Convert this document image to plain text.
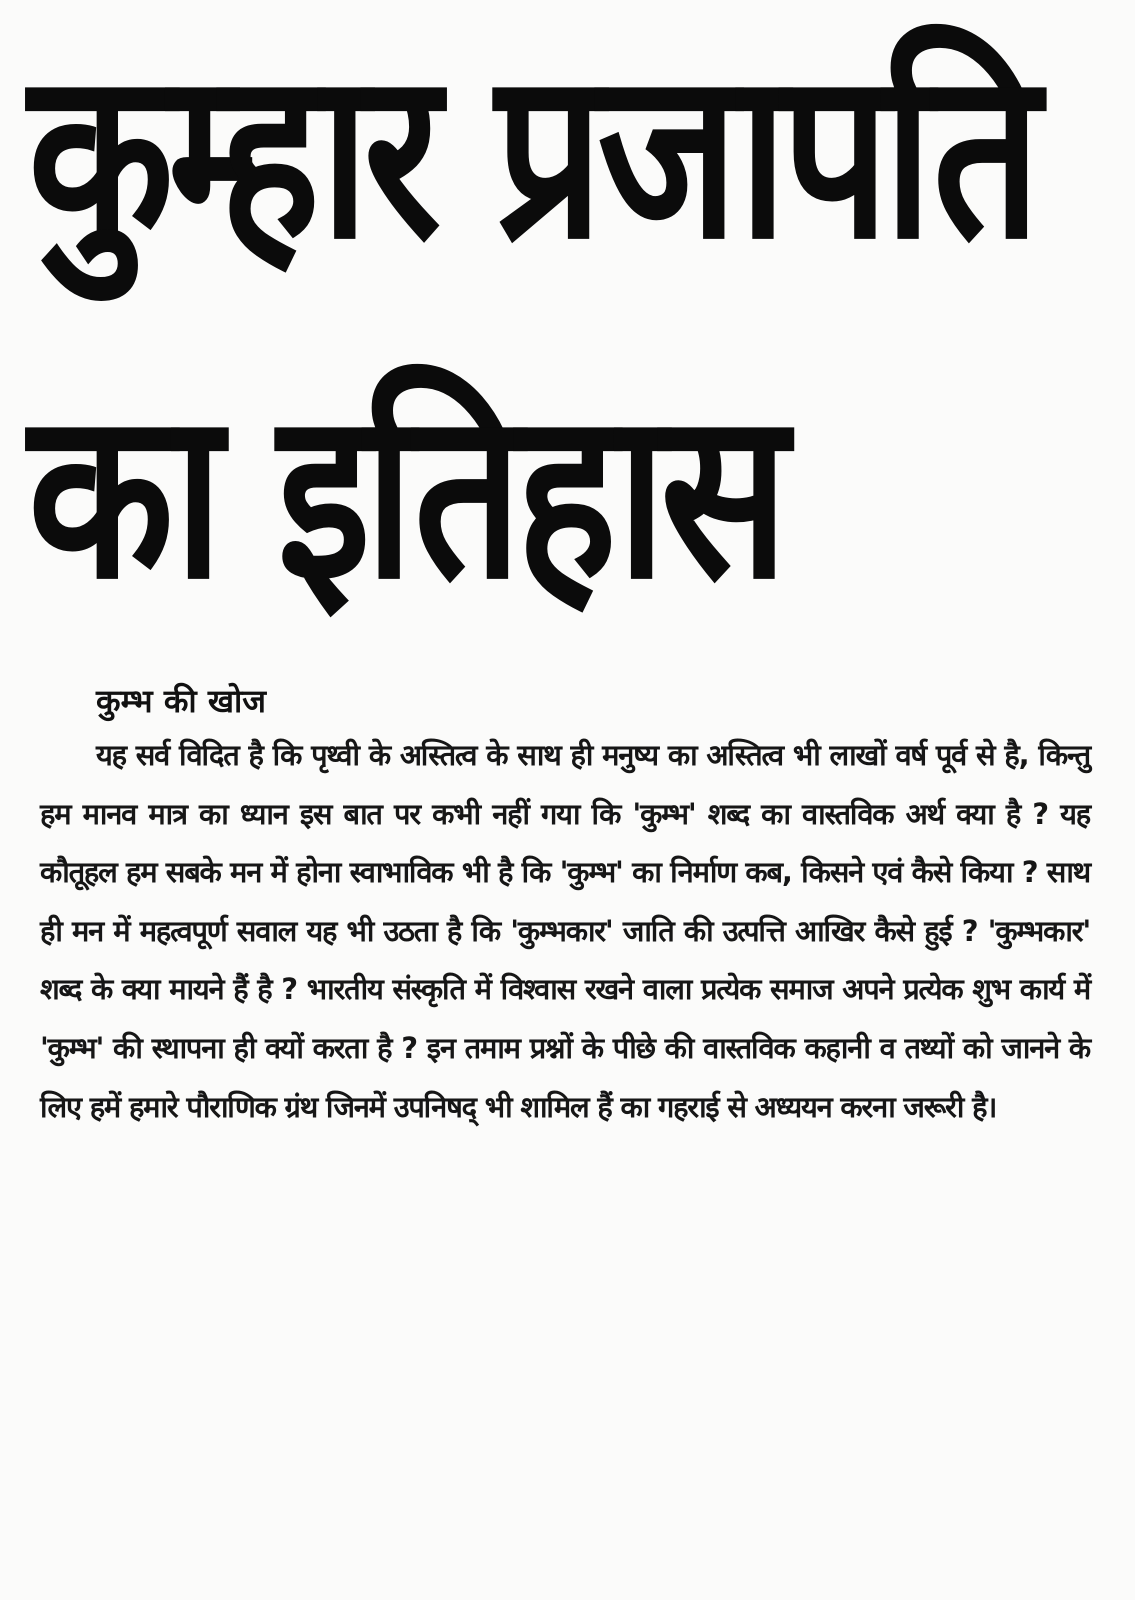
कुम्हार प्रजापति
का इतिहास
कुम्भ की खोज

यह सर्व विदित है कि पृथ्वी के अस्तित्व के साथ ही मनुष्य का अस्तित्व भी लाखों वर्ष पूर्व से है, किन्तु हम मानव मात्र का ध्यान इस बात पर कभी नहीं गया कि 'कुम्भ' शब्द का वास्तविक अर्थ क्या है ? यह कौतूहल हम सबके मन में होना स्वाभाविक भी है कि 'कुम्भ' का निर्माण कब, किसने एवं कैसे किया ? साथ ही मन में महत्वपूर्ण सवाल यह भी उठता है कि 'कुम्भकार' जाति की उत्पत्ति आखिर कैसे हुई ? 'कुम्भकार' शब्द के क्या मायने हैं है ? भारतीय संस्कृति में विश्वास रखने वाला प्रत्येक समाज अपने प्रत्येक शुभ कार्य में 'कुम्भ' की स्थापना ही क्यों करता है ? इन तमाम प्रश्नों के पीछे की वास्तविक कहानी व तथ्यों को जानने के लिए हमें हमारे पौराणिक ग्रंथ जिनमें उपनिषद् भी शामिल हैं का गहराई से अध्ययन करना जरूरी है।
